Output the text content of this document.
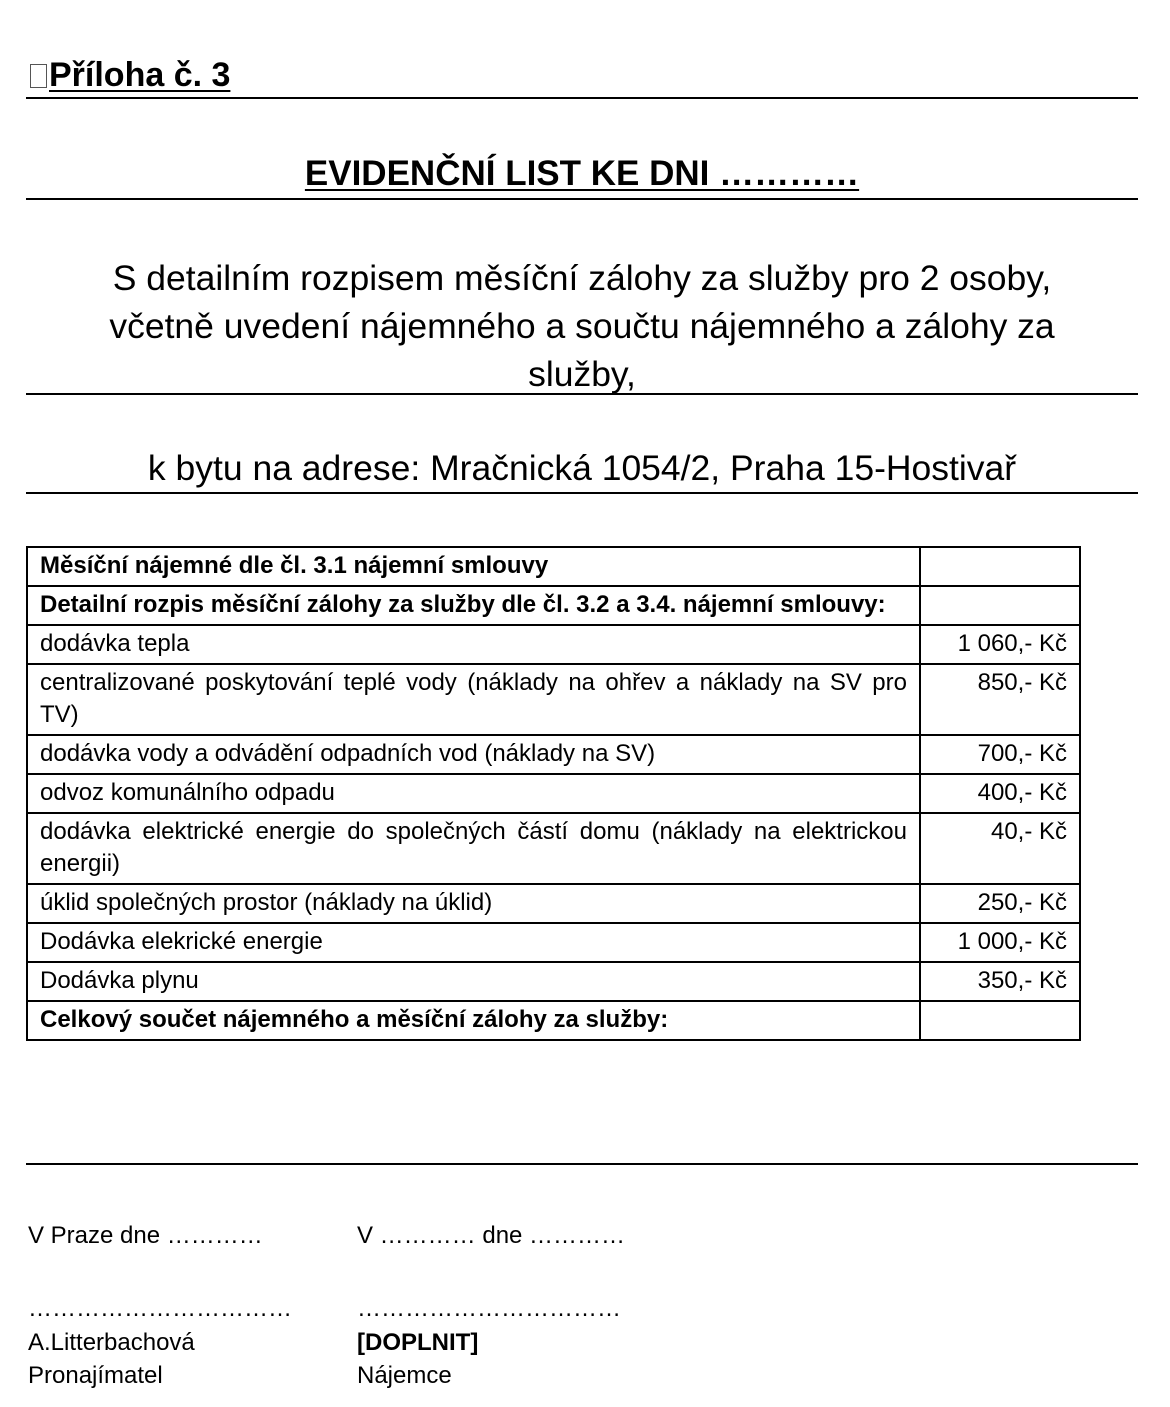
Příloha č. 3
EVIDENČNÍ LIST KE DNI …………
S detailním rozpisem měsíční zálohy za služby pro 2 osoby,
včetně uvedení nájemného a součtu nájemného a zálohy za
služby,
k bytu na adrese: Mračnická 1054/2, Praha 15-Hostivař
Měsíční nájemné dle čl. 3.1 nájemní smlouvy	
Detailní rozpis měsíční zálohy za služby dle čl. 3.2 a 3.4. nájemní smlouvy:	
dodávka tepla	1 060,- Kč
centralizované poskytování teplé vody (náklady na ohřev a náklady na SV pro TV)	850,- Kč
dodávka vody a odvádění odpadních vod (náklady na SV)	700,- Kč
odvoz komunálního odpadu	400,- Kč
dodávka elektrické energie do společných částí domu (náklady na elektrickou energii)	40,- Kč
úklid společných prostor (náklady na úklid)	250,- Kč
Dodávka elekrické energie	1 000,- Kč
Dodávka plynu	350,- Kč
Celkový součet nájemného a měsíční zálohy za služby:	
V Praze dne …………	V ………… dne …………
……………………………	……………………………
A.Litterbachová	[DOPLNIT]
Pronajímatel	Nájemce
